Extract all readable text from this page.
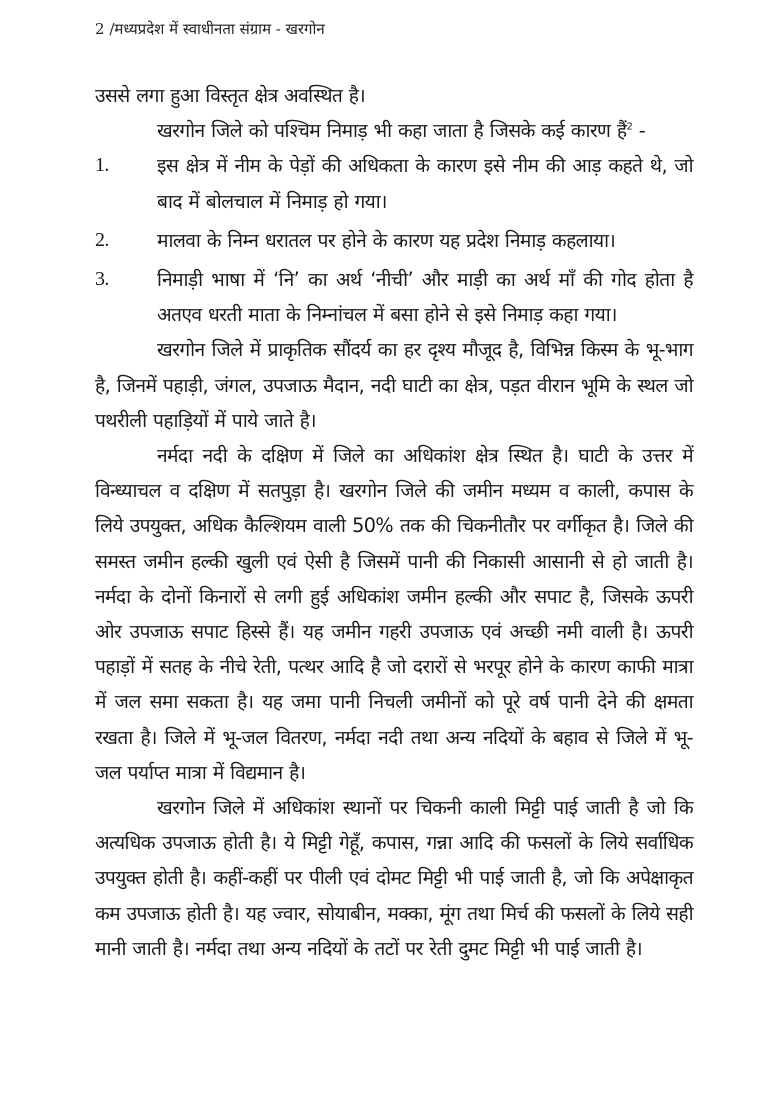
2 /मध्यप्रदेश में स्वाधीनता संग्राम - खरगोन

उससे लगा हुआ विस्तृत क्षेत्र अवस्थित है।

खरगोन जिले को पश्चिम निमाड़ भी कहा जाता है जिसके कई कारण हैं$^2$ -

1.	इस क्षेत्र में नीम के पेड़ों की अधिकता के कारण इसे नीम की आड़ कहते थे, जो बाद में बोलचाल में निमाड़ हो गया।
2.	मालवा के निम्न धरातल पर होने के कारण यह प्रदेश निमाड़ कहलाया।
3.	निमाड़ी भाषा में ‘नि’ का अर्थ ‘नीची’ और माड़ी का अर्थ माँ की गोद होता है अतएव धरती माता के निम्नांचल में बसा होने से इसे निमाड़ कहा गया।

खरगोन जिले में प्राकृतिक सौंदर्य का हर दृश्य मौजूद है, विभिन्न किस्म के भू-भाग है, जिनमें पहाड़ी, जंगल, उपजाऊ मैदान, नदी घाटी का क्षेत्र, पड़त वीरान भूमि के स्थल जो पथरीली पहाड़ियों में पाये जाते है।

नर्मदा नदी के दक्षिण में जिले का अधिकांश क्षेत्र स्थित है। घाटी के उत्तर में विन्ध्याचल व दक्षिण में सतपुड़ा है। खरगोन जिले की जमीन मध्यम व काली, कपास के लिये उपयुक्त, अधिक कैल्शियम वाली 50% तक की चिकनीतौर पर वर्गीकृत है। जिले की समस्त जमीन हल्की खुली एवं ऐसी है जिसमें पानी की निकासी आसानी से हो जाती है। नर्मदा के दोनों किनारों से लगी हुई अधिकांश जमीन हल्की और सपाट है, जिसके ऊपरी ओर उपजाऊ सपाट हिस्से हैं। यह जमीन गहरी उपजाऊ एवं अच्छी नमी वाली है। ऊपरी पहाड़ों में सतह के नीचे रेती, पत्थर आदि है जो दरारों से भरपूर होने के कारण काफी मात्रा में जल समा सकता है। यह जमा पानी निचली जमीनों को पूरे वर्ष पानी देने की क्षमता रखता है। जिले में भू-जल वितरण, नर्मदा नदी तथा अन्य नदियों के बहाव से जिले में भू-जल पर्याप्त मात्रा में विद्यमान है।

खरगोन जिले में अधिकांश स्थानों पर चिकनी काली मिट्टी पाई जाती है जो कि अत्यधिक उपजाऊ होती है। ये मिट्टी गेहूँ, कपास, गन्ना आदि की फसलों के लिये सर्वाधिक उपयुक्त होती है। कहीं-कहीं पर पीली एवं दोमट मिट्टी भी पाई जाती है, जो कि अपेक्षाकृत कम उपजाऊ होती है। यह ज्वार, सोयाबीन, मक्का, मूंग तथा मिर्च की फसलों के लिये सही मानी जाती है। नर्मदा तथा अन्य नदियों के तटों पर रेती दुमट मिट्टी भी पाई जाती है।
